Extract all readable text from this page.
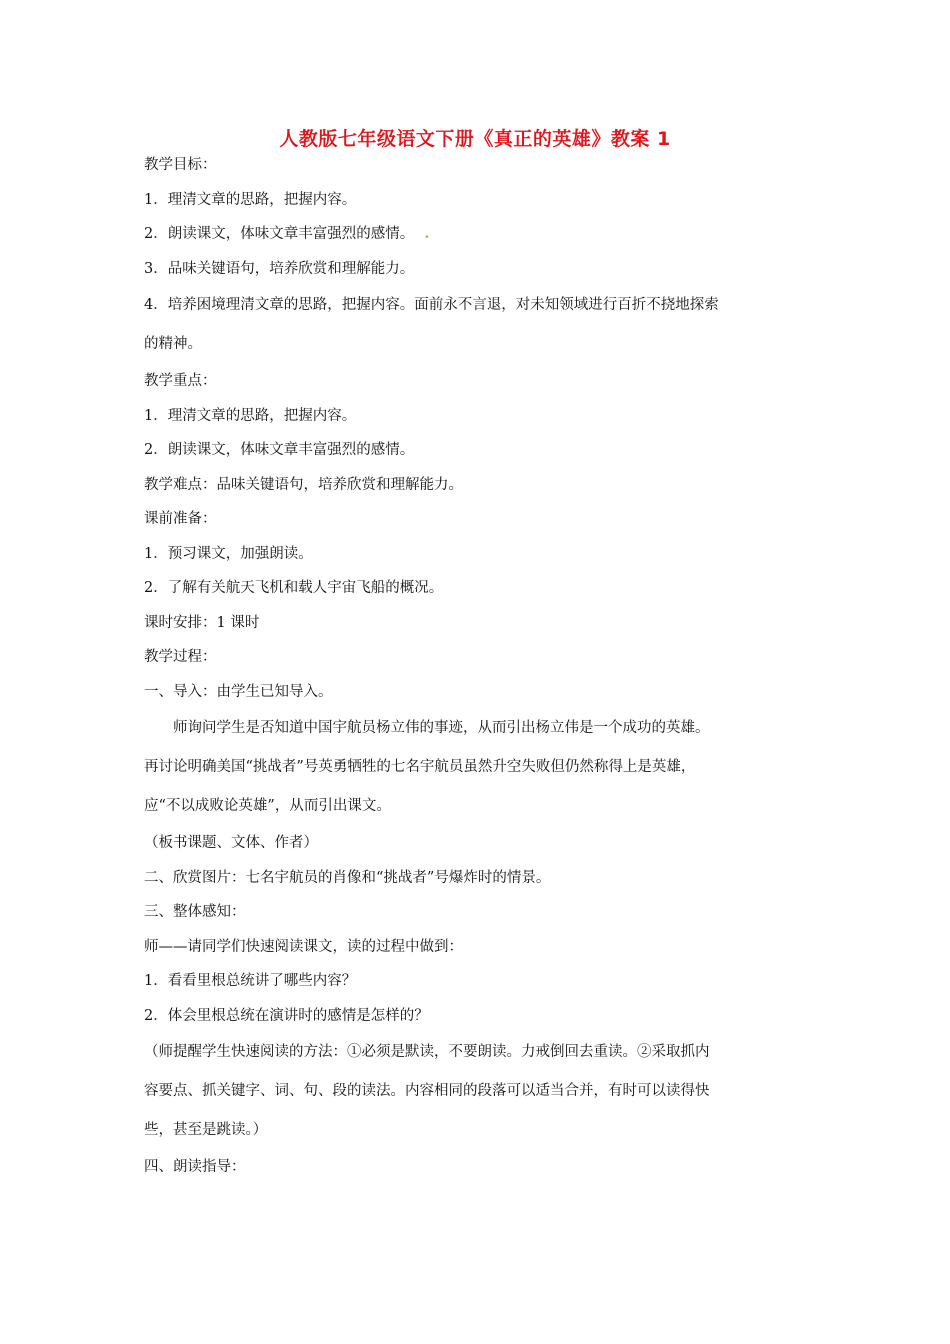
人教版七年级语文下册《真正的英雄》教案 1
教学目标：
1．理清文章的思路，把握内容。
2．朗读课文，体味文章丰富强烈的感情。  .
3．品味关键语句，培养欣赏和理解能力。
4．培养困境理清文章的思路，把握内容。面前永不言退，对未知领域进行百折不挠地探索
的精神。
教学重点：
1．理清文章的思路，把握内容。
2．朗读课文，体味文章丰富强烈的感情。
教学难点：品味关键语句，培养欣赏和理解能力。
课前准备：
1．预习课文，加强朗读。
2．了解有关航天飞机和载人宇宙飞船的概况。
课时安排：1 课时
教学过程：
一、导入：由学生已知导入。
师询问学生是否知道中国宇航员杨立伟的事迹，从而引出杨立伟是一个成功的英雄。
再讨论明确美国“挑战者”号英勇牺牲的七名宇航员虽然升空失败但仍然称得上是英雄，
应“不以成败论英雄”，从而引出课文。
（板书课题、文体、作者）
二、欣赏图片：七名宇航员的肖像和“挑战者”号爆炸时的情景。
三、整体感知：
师——请同学们快速阅读课文，读的过程中做到：
1．看看里根总统讲了哪些内容？
2．体会里根总统在演讲时的感情是怎样的？
（师提醒学生快速阅读的方法：①必须是默读，不要朗读。力戒倒回去重读。②采取抓内
容要点、抓关键字、词、句、段的读法。内容相同的段落可以适当合并，有时可以读得快
些，甚至是跳读。）
四、朗读指导：
